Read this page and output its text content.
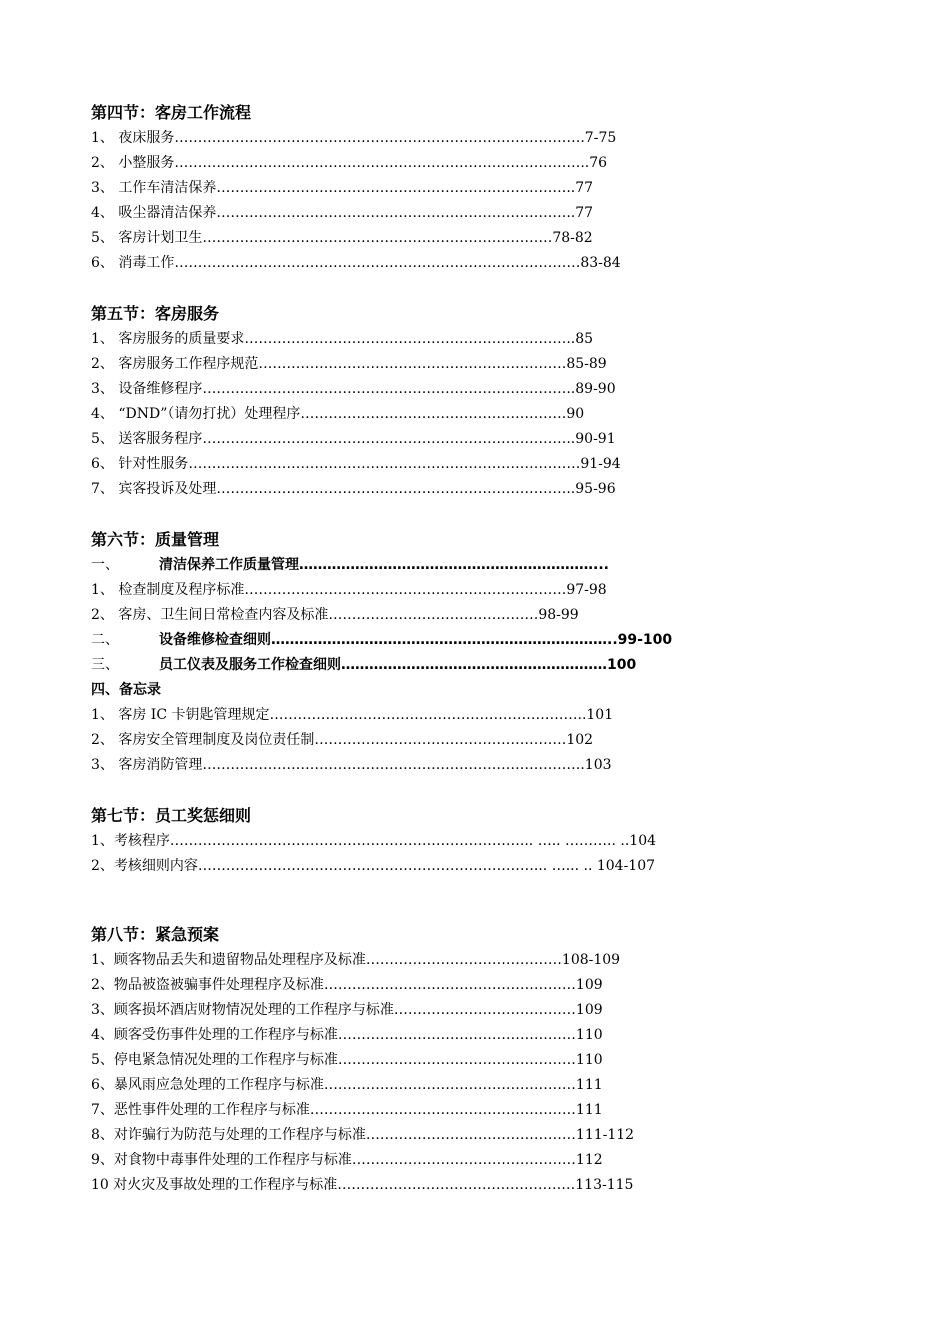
第四节：客房工作流程
1、 夜床服务…………………………………………………………………………….7-75
2、 小整服务……………………………………………………………………………..76
3、 工作车清洁保养…………………………………………………………………..77
4、 吸尘器清洁保养…………………………………………………………………..77
5、 客房计划卫生…………………………………………………………………78-82
6、 消毒工作……………………………………………………………………………83-84
第五节：客房服务
1、 客房服务的质量要求……………………………………………………………..85
2、 客房服务工作程序规范…………………………………………………………85-89
3、 设备维修程序……………………………………………………………………..89-90
4、 “DND”（请勿打扰）处理程序…………………………………………………90
5、 送客服务程序……………………………………………………………………..90-91
6、 针对性服务…………………………………………………………………………91-94
7、 宾客投诉及处理…………………………………………………………………..95-96
第六节：质量管理
一、	清洁保养工作质量管理………………………………………………………...
1、 检查制度及程序标准……………………………………………………………97-98
2、 客房、卫生间日常检查内容及标准………………………………………98-99
二、	设备维修检查细则………………………………………………………………..99-100
三、	员工仪表及服务工作检查细则…………………………………………………100
四、备忘录
1、 客房 IC 卡钥匙管理规定…………………………………………………………..101
2、 客房安全管理制度及岗位责任制………………………………………………102
3、 客房消防管理……………………………………………………………………….103
第七节：员工奖惩细则
1、考核程序…………………………………………………………………... ….. ……….. ..104
2、考核细则内容………………………………………………………………... …... .. 104-107
第八节：紧急预案
1、顾客物品丢失和遗留物品处理程序及标准……………………………………108-109
2、物品被盗被骗事件处理程序及标准………………………………………………109
3、顾客损坏酒店财物情况处理的工作程序与标准…………………………………109
4、顾客受伤事件处理的工作程序与标准……………………………………………110
5、停电紧急情况处理的工作程序与标准……………………………………………110
6、暴风雨应急处理的工作程序与标准………………………………………………111
7、恶性事件处理的工作程序与标准…………………………………………………111
8、对诈骗行为防范与处理的工作程序与标准………………………………………111-112
9、对食物中毒事件处理的工作程序与标准…………………………………………112
10 对火灾及事故处理的工作程序与标准……………………………………………113-115
